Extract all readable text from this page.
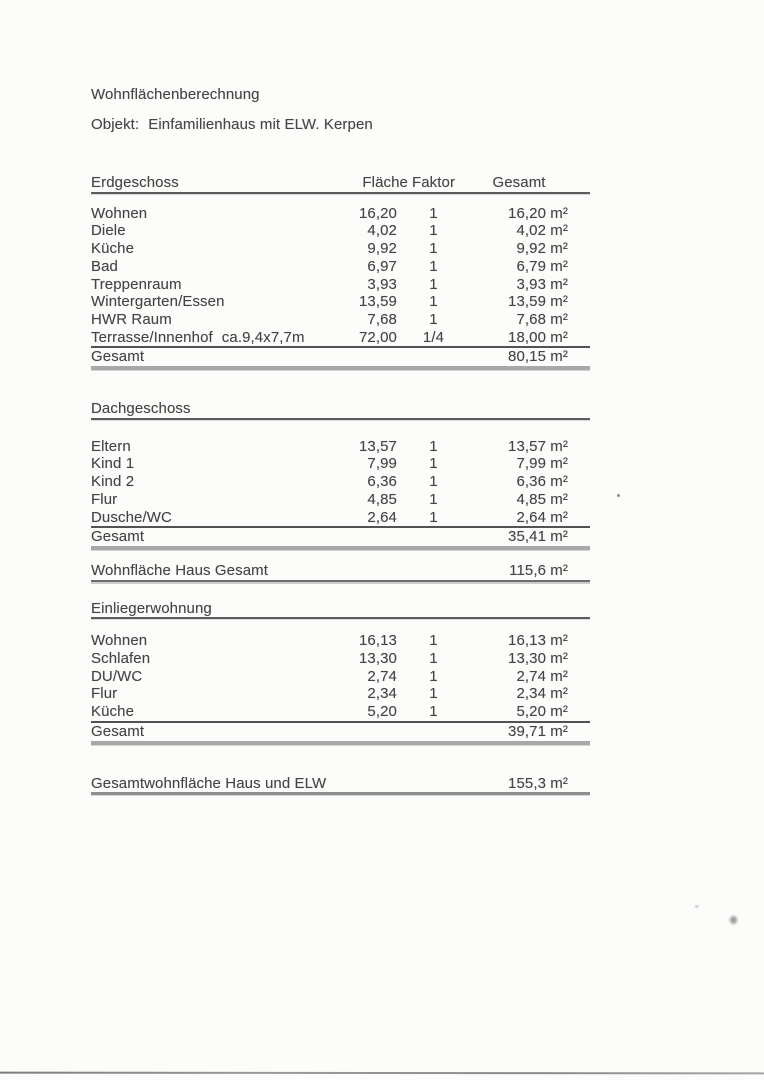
Wohnflächenberechnung
Objekt: Einfamilienhaus mit ELW. Kerpen
Erdgeschoss	Fläche Faktor	Gesamt
Wohnen	16,20	1	16,20 m²
Diele	4,02	1	4,02 m²
Küche	9,92	1	9,92 m²
Bad	6,97	1	6,79 m²
Treppenraum	3,93	1	3,93 m²
Wintergarten/Essen	13,59	1	13,59 m²
HWR Raum	7,68	1	7,68 m²
Terrasse/Innenhof ca.9,4x7,7m	72,00	1/4	18,00 m²
Gesamt	80,15 m²
Dachgeschoss
Eltern	13,57	1	13,57 m²
Kind 1	7,99	1	7,99 m²
Kind 2	6,36	1	6,36 m²
Flur	4,85	1	4,85 m²
Dusche/WC	2,64	1	2,64 m²
Gesamt	35,41 m²
Wohnfläche Haus Gesamt	115,6 m²
Einliegerwohnung
Wohnen	16,13	1	16,13 m²
Schlafen	13,30	1	13,30 m²
DU/WC	2,74	1	2,74 m²
Flur	2,34	1	2,34 m²
Küche	5,20	1	5,20 m²
Gesamt	39,71 m²
Gesamtwohnfläche Haus und ELW	155,3 m²
